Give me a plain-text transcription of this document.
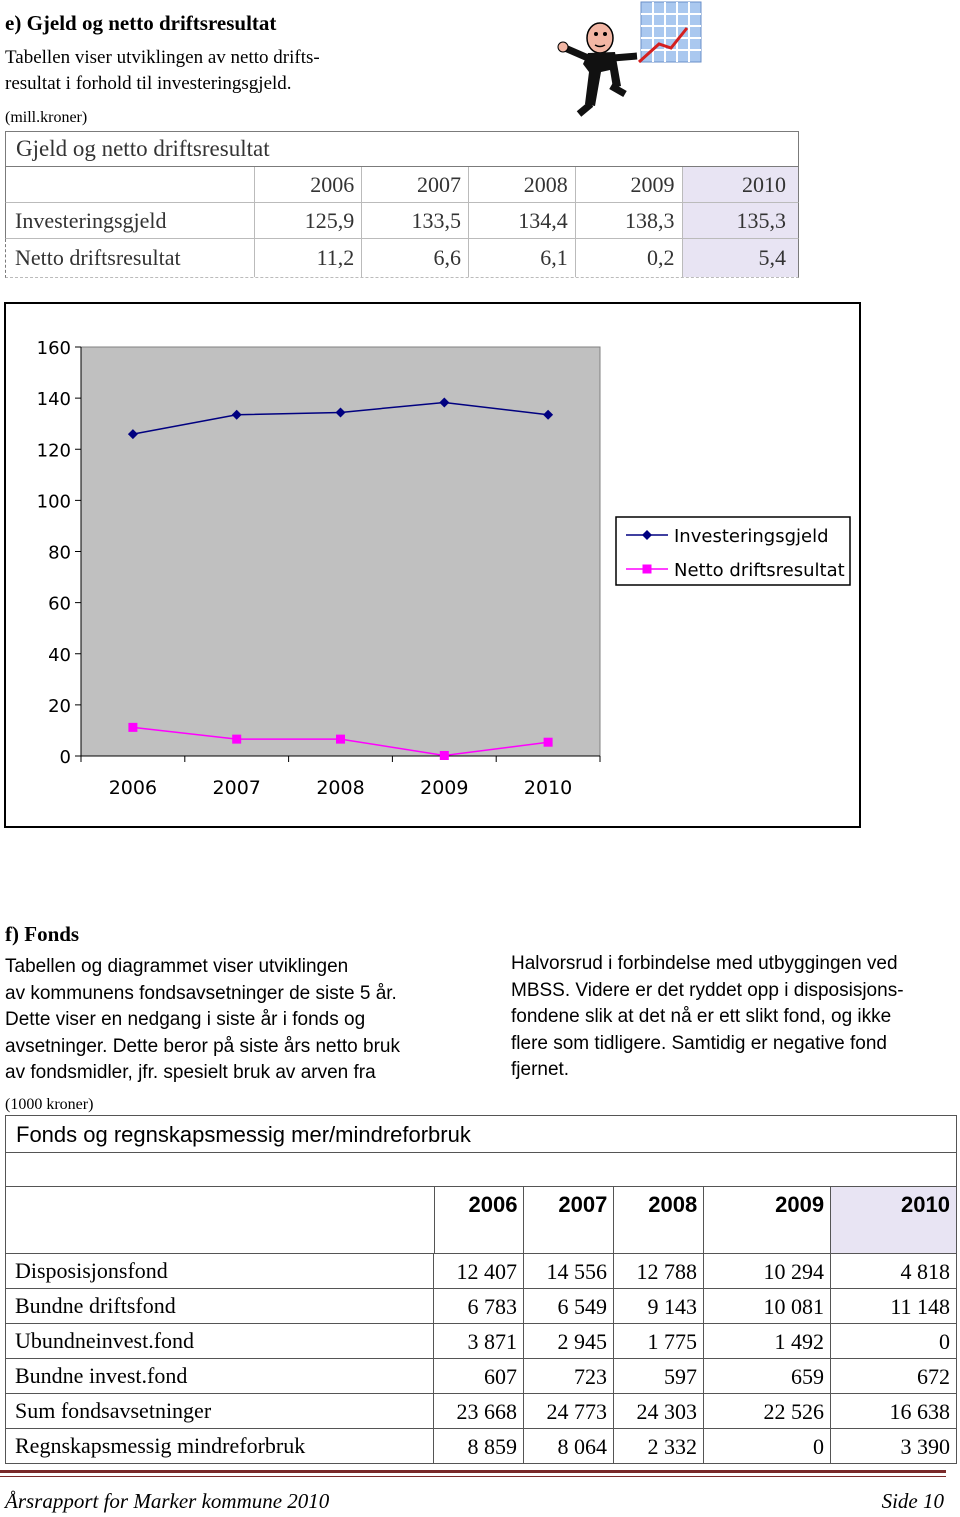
e) Gjeld og netto driftsresultat
Tabellen viser utviklingen av netto drifts-
resultat i forhold til investeringsgjeld.
(mill.kroner)
Gjeld og netto driftsresultat
2006	2007	2008	2009	2010
Investeringsgjeld	125,9	133,5	134,4	138,3	135,3
Netto driftsresultat	11,2	6,6	6,1	0,2	5,4
160
140
120
100
80
60
40
20
0
2006	2007	2008	2009	2010
Investeringsgjeld
Netto driftsresultat
f) Fonds
Tabellen og diagrammet viser utviklingen
av kommunens fondsavsetninger de siste 5 år.
Dette viser en nedgang i siste år i fonds og
avsetninger. Dette beror på siste års netto bruk
av fondsmidler, jfr. spesielt bruk av arven fra
Halvorsrud i forbindelse med utbyggingen ved
MBSS. Videre er det ryddet opp i disposisjons-
fondene slik at det nå er ett slikt fond, og ikke
flere som tidligere. Samtidig er negative fond
fjernet.
(1000 kroner)
Fonds og regnskapsmessig mer/mindreforbruk
2006	2007	2008	2009	2010
Disposisjonsfond	12 407	14 556	12 788	10 294	4 818
Bundne driftsfond	6 783	6 549	9 143	10 081	11 148
Ubundneinvest.fond	3 871	2 945	1 775	1 492	0
Bundne invest.fond	607	723	597	659	672
Sum fondsavsetninger	23 668	24 773	24 303	22 526	16 638
Regnskapsmessig mindreforbruk	8 859	8 064	2 332	0	3 390
Årsrapport for Marker kommune 2010	Side 10
